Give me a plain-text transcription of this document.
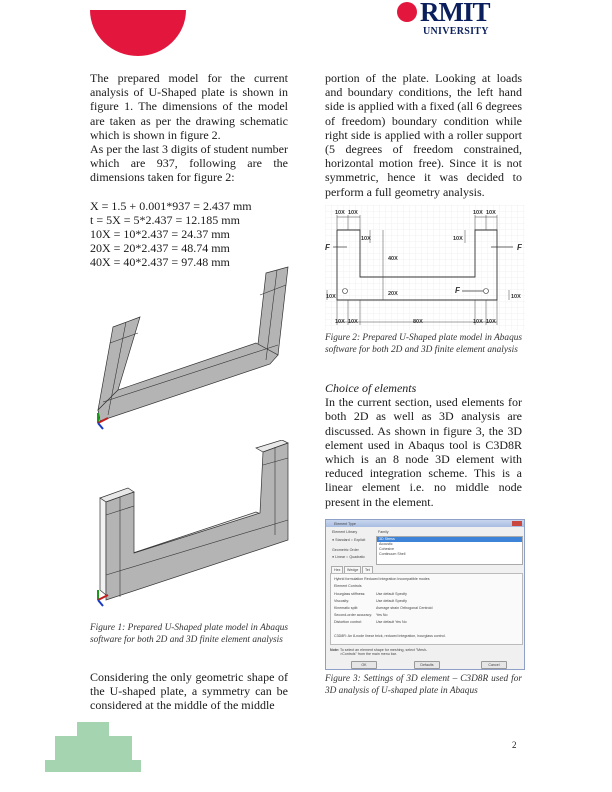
RMIT
UNIVERSITY

The prepared model for the current analysis of U-Shaped plate is shown in figure 1. The dimensions of the model are taken as per the drawing schematic which is shown in figure 2.

As per the last 3 digits of student number which are 937, following are the dimensions taken for figure 2:

X = 1.5 + 0.001*937 = 2.437 mm

t = 5X = 5*2.437 = 12.185 mm

10X = 10*2.437 = 24.37 mm

20X = 20*2.437 = 48.74 mm

40X = 40*2.437 = 97.48 mm

Figure 1: Prepared U-Shaped plate model in Abaqus software for both 2D and 3D finite element analysis

Considering the only geometric shape of the U-shaped plate, a symmetry can be considered at the middle of the middle

portion of the plate. Looking at loads and boundary conditions, the left hand side is applied with a fixed (all 6 degrees of freedom) boundary condition while right side is applied with a roller support (5 degrees of freedom constrained, horizontal motion free). Since it is not symmetric, hence it was decided to perform a full geometry analysis.

10X 10X	10X 10X
10X	10X
40X
20X
10X	10X
10X 10X	80X	10X 10X
F	F
F

Figure 2: Prepared U-Shaped plate model in Abaqus software for both 2D and 3D finite element analysis

Choice of elements

In the current section, used elements for both 2D as well as 3D analysis are discussed. As shown in figure 3, the 3D element used in Abaqus tool is C3D8R which is an 8 node 3D element with reduced integration scheme. This is a linear element i.e. no middle node present in the element.

Element Type
Element Library
● Standard ○ Explicit
Family
3D Stress
Acoustic
Cohesive
Continuum Shell
Geometric Order
● Linear ○ Quadratic
Hex	Wedge	Tet
Hybrid formulation Reduced integration Incompatible modes
Element Controls
Hourglass stiffness:	Use default Specify
Viscosity:	Use default Specify
Kinematic split:	Average strain Orthogonal Centroid
Second-order accuracy: Yes No
Distortion control:	Use default Yes No
C3D8R: An 8-node linear brick, reduced integration, hourglass control.
Note: To select an element shape for meshing, select "Mesh->Controls" from the main menu bar.
OK	Defaults	Cancel

Figure 3: Settings of 3D element – C3D8R used for 3D analysis of U-shaped plate in Abaqus

2
